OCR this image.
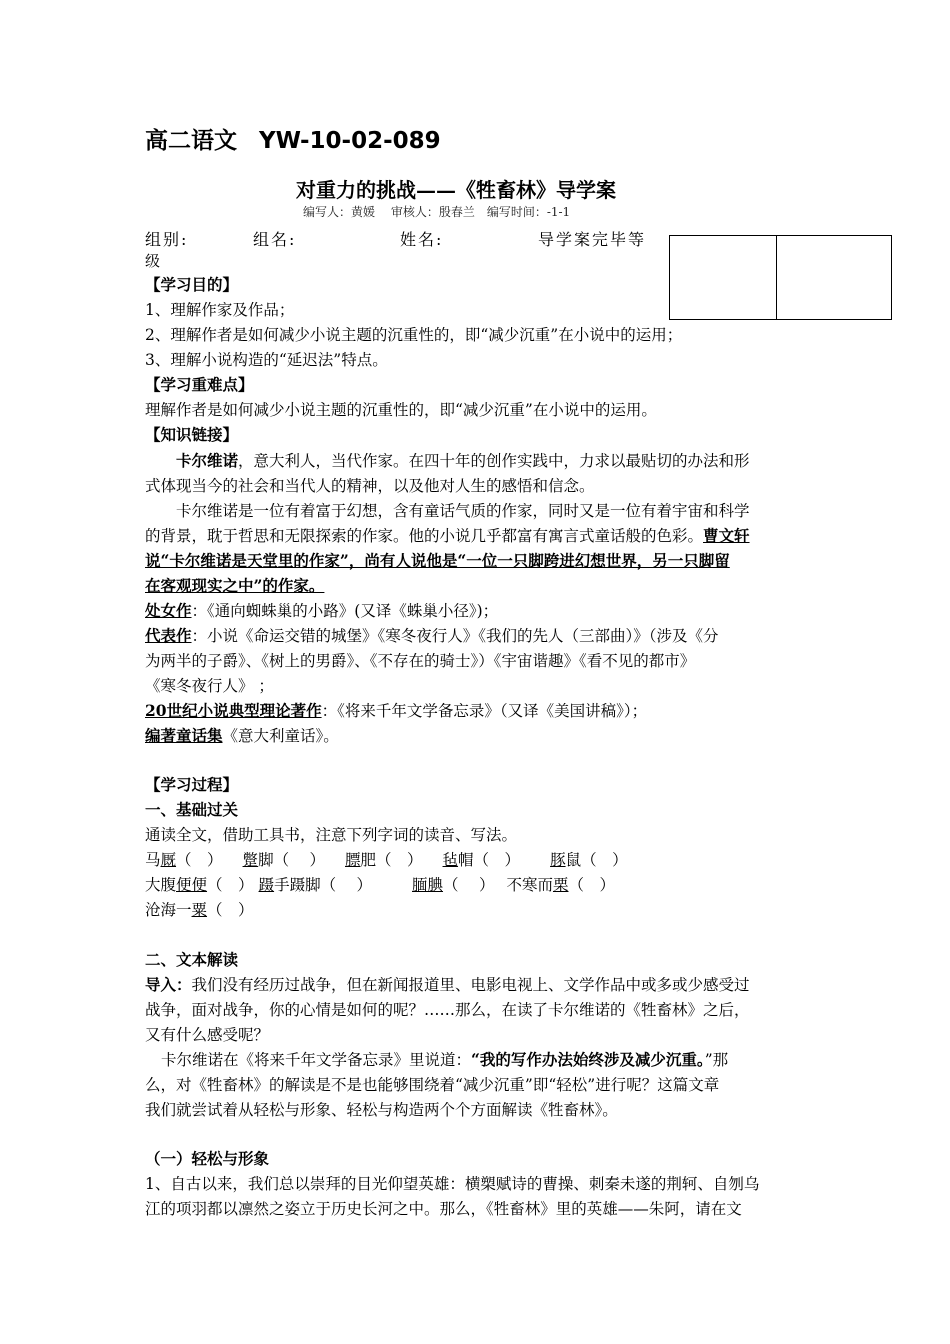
高二语文 YW-10-02-089
对重力的挑战——《牲畜林》导学案
编写人：黄媛　 审核人：殷春兰　编写时间：-1-1
组别:	组名:	姓名:	导学案完毕等
级
【学习目的】
1、理解作家及作品；
2、理解作者是如何减少小说主题的沉重性的，即“减少沉重”在小说中的运用；
3、理解小说构造的“延迟法”特点。
【学习重难点】
理解作者是如何减少小说主题的沉重性的，即“减少沉重”在小说中的运用。
【知识链接】
卡尔维诺，意大利人，当代作家。在四十年的创作实践中，力求以最贴切的办法和形
式体现当今的社会和当代人的精神，以及他对人生的感悟和信念。
卡尔维诺是一位有着富于幻想，含有童话气质的作家，同时又是一位有着宇宙和科学
的背景，耽于哲思和无限探索的作家。他的小说几乎都富有寓言式童话般的色彩。曹文轩
说“卡尔维诺是天堂里的作家”，尚有人说他是“一位一只脚跨进幻想世界，另一只脚留
在客观现实之中”的作家。
处女作：《通向蜘蛛巢的小路》(又译《蛛巢小径》)；
代表作：小说《命运交错的城堡》《寒冬夜行人》《我们的先人（三部曲）》（涉及《分
为两半的子爵》、《树上的男爵》、《不存在的骑士》）《宇宙谐趣》《看不见的都市》
《寒冬夜行人》 ；
20世纪小说典型理论著作：《将来千年文学备忘录》（又译《美国讲稿》）；
编著童话集《意大利童话》。
【学习过程】
一、基础过关
通读全文，借助工具书，注意下列字词的读音、写法。
马厩（　） 蹩脚（　 ） 膘肥（　） 毡帽（　） 豚鼠（　）
大腹便便（　） 蹑手蹑脚（　 ）	腼腆（　 ） 不寒而栗（　）
沧海一粟（　）
二、文本解读
导入：我们没有经历过战争，但在新闻报道里、电影电视上、文学作品中或多或少感受过
战争，面对战争，你的心情是如何的呢？……那么，在读了卡尔维诺的《牲畜林》之后，
又有什么感受呢？
卡尔维诺在《将来千年文学备忘录》里说道：“我的写作办法始终涉及减少沉重。”那
么，对《牲畜林》的解读是不是也能够围绕着“减少沉重”即“轻松”进行呢？这篇文章
我们就尝试着从轻松与形象、轻松与构造两个个方面解读《牲畜林》。
（一）轻松与形象
1、自古以来，我们总以崇拜的目光仰望英雄：横槊赋诗的曹操、刺秦未遂的荆轲、自刎乌
江的项羽都以凛然之姿立于历史长河之中。那么，《牲畜林》里的英雄——朱阿，请在文
